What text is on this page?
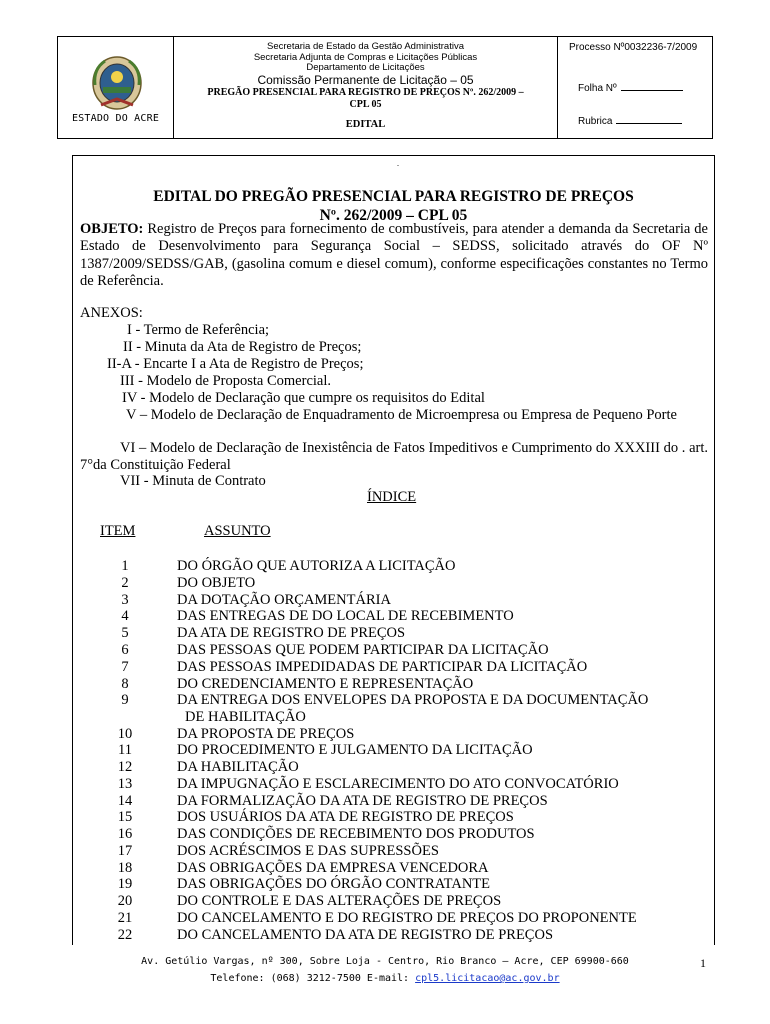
ESTADO DO ACRE
Secretaria de Estado da Gestão Administrativa
Secretaria Adjunta de Compras e Licitações Públicas
Departamento de Licitações
Comissão Permanente de Licitação – 05
PREGÃO PRESENCIAL PARA REGISTRO DE PREÇOS Nº. 262/2009 –
CPL 05
EDITAL
Processo Nº0032236-7/2009
Folha Nº
Rubrica
.
EDITAL DO PREGÃO PRESENCIAL PARA REGISTRO DE PREÇOS
Nº. 262/2009 – CPL 05
OBJETO: Registro de Preços para fornecimento de combustíveis, para atender a demanda da Secretaria de Estado de Desenvolvimento para Segurança Social – SEDSS, solicitado através do OF Nº 1387/2009/SEDSS/GAB, (gasolina comum e diesel comum), conforme especificações constantes no Termo de Referência.
ANEXOS:
I - Termo de Referência;
II - Minuta da Ata de Registro de Preços;
II-A - Encarte I a Ata de Registro de Preços;
III - Modelo de Proposta Comercial.
IV - Modelo de Declaração que cumpre os requisitos do Edital
V – Modelo de Declaração de Enquadramento de Microempresa ou Empresa de Pequeno Porte
VI – Modelo de Declaração de Inexistência de Fatos Impeditivos e Cumprimento do XXXIII do . art. 7°da Constituição Federal
VII - Minuta de Contrato
ÍNDICE
ITEM	ASSUNTO
1	DO ÓRGÃO QUE AUTORIZA A LICITAÇÃO
2	DO OBJETO
3	DA DOTAÇÃO ORÇAMENTÁRIA
4	DAS ENTREGAS DE DO LOCAL DE RECEBIMENTO
5	DA ATA DE REGISTRO DE PREÇOS
6	DAS PESSOAS QUE PODEM PARTICIPAR DA LICITAÇÃO
7	DAS PESSOAS IMPEDIDADAS DE PARTICIPAR DA LICITAÇÃO
8	DO CREDENCIAMENTO E REPRESENTAÇÃO
9	DA ENTREGA DOS ENVELOPES DA PROPOSTA E DA DOCUMENTAÇÃO
DE HABILITAÇÃO
10	DA PROPOSTA DE PREÇOS
11	DO PROCEDIMENTO E JULGAMENTO DA LICITAÇÃO
12	DA HABILITAÇÃO
13	DA IMPUGNAÇÃO E ESCLARECIMENTO DO ATO CONVOCATÓRIO
14	DA FORMALIZAÇÃO DA ATA DE REGISTRO DE PREÇOS
15	DOS USUÁRIOS DA ATA DE REGISTRO DE PREÇOS
16	DAS CONDIÇÕES DE RECEBIMENTO DOS PRODUTOS
17	DOS ACRÉSCIMOS E DAS SUPRESSÕES
18	DAS OBRIGAÇÕES DA EMPRESA VENCEDORA
19	DAS OBRIGAÇÕES DO ÓRGÃO CONTRATANTE
20	DO CONTROLE E DAS ALTERAÇÕES DE PREÇOS
21	DO CANCELAMENTO E DO REGISTRO DE PREÇOS DO PROPONENTE
22	DO CANCELAMENTO DA ATA DE REGISTRO DE PREÇOS
Av. Getúlio Vargas, nº 300, Sobre Loja - Centro, Rio Branco – Acre, CEP 69900-660
Telefone: (068) 3212-7500 E-mail: cpl5.licitacao@ac.gov.br
1
